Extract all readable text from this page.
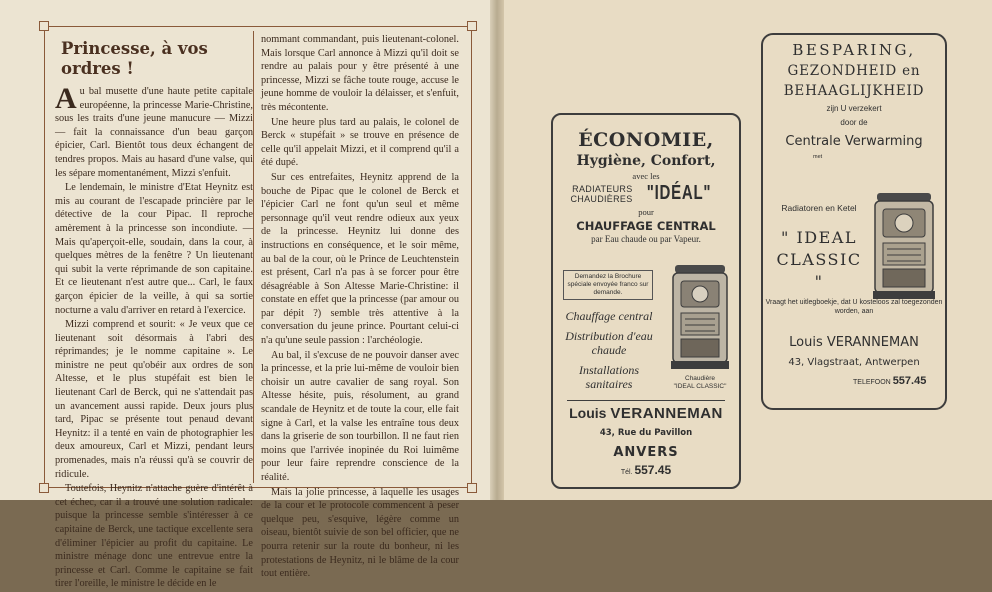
Princesse, à vos ordres !

Au bal musette d'une haute petite capitale européenne, la princesse Marie-Christine, sous les traits d'une jeune manucure — Mizzi — fait la connaissance d'un beau garçon épicier, Carl. Bientôt tous deux échangent de tendres propos. Mais au hasard d'une valse, qui les sépare momentanément, Mizzi s'enfuit.

Le lendemain, le ministre d'Etat Heynitz est mis au courant de l'escapade princière par le détective de la cour Pipac. Il reproche amèrement à la princesse son incondiute. — Mais qu'aperçoit-elle, soudain, dans la cour, à quelques mètres de la fenêtre ? Un lieutenant qui subit la verte réprimande de son capitaine. Et ce lieutenant n'est autre que... Carl, le faux garçon épicier de la veille, à qui sa sortie nocturne a valu d'arriver en retard à l'exercice.

Mizzi comprend et sourit: « Je veux que ce lieutenant soit désormais à l'abri des réprimandes; je le nomme capitaine ». Le ministre ne peut qu'obéir aux ordres de son Altesse, et le plus stupéfait est bien le lieutenant Carl de Berck, qui ne s'attendait pas un avancement aussi rapide. Deux jours plus tard, Pipac se présente tout penaud devant Heynitz: il a tenté en vain de photographier les deux amoureux, Carl et Mizzi, pendant leurs promenades, mais n'a réussi qu'à se couvrir de ridicule.

Toutefois, Heynitz n'attache guère d'intérêt à cet échec, car il a trouvé une solution radicale: puisque la princesse semble s'intéresser à ce capitaine de Berck, une tactique excellente sera d'éliminer l'épicier au profit du capitaine. Le ministre ménage donc une entrevue entre la princesse et Carl. Comme le capitaine se fait tirer l'oreille, le ministre le décide en le

nommant commandant, puis lieutenant-colonel. Mais lorsque Carl annonce à Mizzi qu'il doit se rendre au palais pour y être présenté à une princesse, Mizzi se fâche toute rouge, accuse le jeune homme de vouloir la délaisser, et s'enfuit, très mécontente.

Une heure plus tard au palais, le colonel de Berck « stupéfait » se trouve en présence de celle qu'il appelait Mizzi, et il comprend qu'il a été dupé.

Sur ces entrefaites, Heynitz apprend de la bouche de Pipac que le colonel de Berck et l'épicier Carl ne font qu'un seul et même personnage qu'il veut rendre odieux aux yeux de la princesse. Heynitz lui donne des instructions en conséquence, et le soir même, au bal de la cour, où le Prince de Leuchtenstein est présent, Carl n'a pas à se forcer pour être désagréable à Son Altesse Marie-Christine: il constate en effet que la princesse (par amour ou par dépit ?) semble très attentive à la conversation du jeune prince. Pourtant celui-ci n'a qu'une seule passion : l'archéologie.

Au bal, il s'excuse de ne pouvoir danser avec la princesse, et la prie lui-même de vouloir bien choisir un autre cavalier de sang royal. Son Altesse hésite, puis, résolument, au grand scandale de Heynitz et de toute la cour, elle fait signe à Carl, et la valse les entraîne tous deux dans la griserie de son tourbillon. Il ne faut rien moins que l'arrivée inopinée du Roi luimême pour leur faire reprendre conscience de la réalité.

Mais la jolie princesse, à laquelle les usages de la cour et le protocole commencent à peser quelque peu, s'esquive, légère comme un oiseau, bientôt suivie de son bel officier, que ne pourra retenir sur la route du bonheur, ni les protestations de Heynitz, ni le blâme de la cour tout entière.

ÉCONOMIE,
Hygiène, Confort,
avec les
RADIATEURS
CHAUDIÈRES "IDÉAL"
pour
CHAUFFAGE CENTRAL
par Eau chaude ou par Vapeur.
Demandez la Brochure spéciale envoyée franco sur demande.
Chauffage central
Distribution d'eau chaude
Installations sanitaires	Chaudière
"IDEAL CLASSIC"
Louis VERANNEMAN
43, Rue du Pavillon
ANVERS
Tél. 557.45
BESPARING,
GEZONDHEID en
BEHAAGLIJKHEID
zijn U verzekert
door de
Centrale Verwarming
met
Radiatoren en Ketel
" IDEAL
CLASSIC "
Vraagt het uitlegboekje, dat U kosteloos zal toegezonden worden, aan
Louis VERANNEMAN
43, Vlagstraat, Antwerpen
TELEFOON 557.45
